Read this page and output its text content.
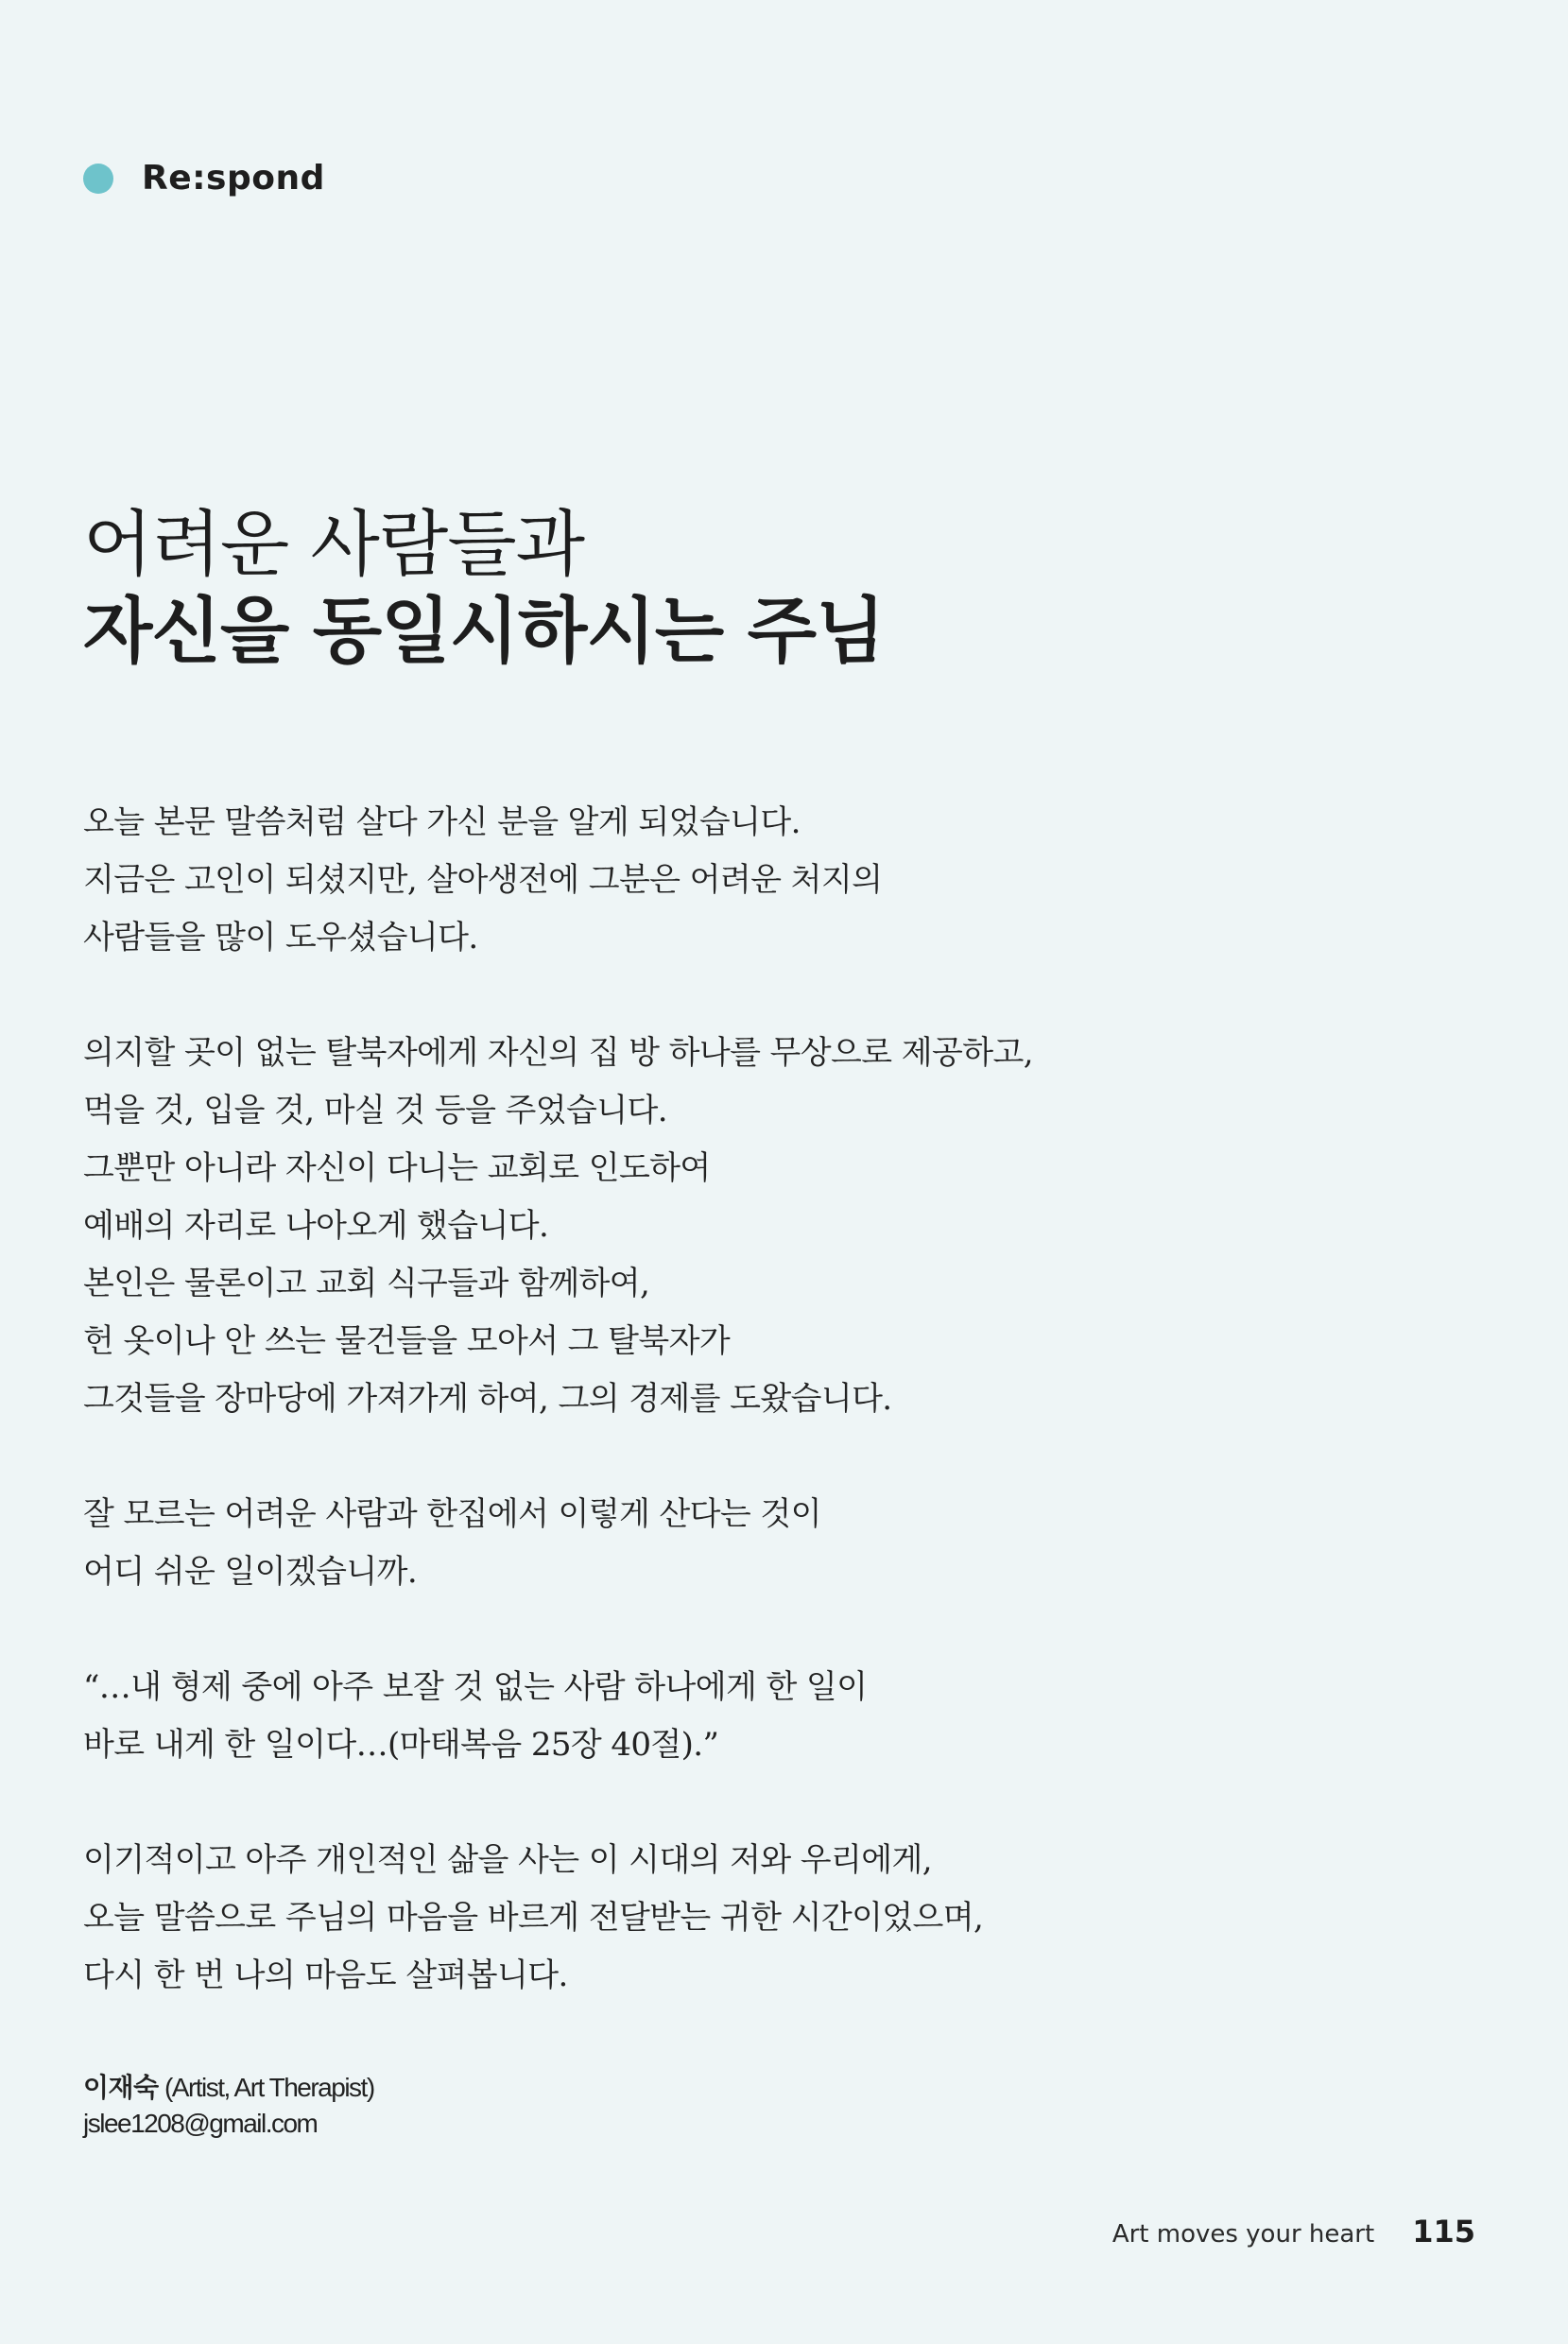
Re:spond
어려운 사람들과
자신을 동일시하시는 주님

오늘 본문 말씀처럼 살다 가신 분을 알게 되었습니다.
지금은 고인이 되셨지만, 살아생전에 그분은 어려운 처지의
사람들을 많이 도우셨습니다.

의지할 곳이 없는 탈북자에게 자신의 집 방 하나를 무상으로 제공하고,
먹을 것, 입을 것, 마실 것 등을 주었습니다.
그뿐만 아니라 자신이 다니는 교회로 인도하여
예배의 자리로 나아오게 했습니다.
본인은 물론이고 교회 식구들과 함께하여,
헌 옷이나 안 쓰는 물건들을 모아서 그 탈북자가
그것들을 장마당에 가져가게 하여, 그의 경제를 도왔습니다.

잘 모르는 어려운 사람과 한집에서 이렇게 산다는 것이
어디 쉬운 일이겠습니까.

“…내 형제 중에 아주 보잘 것 없는 사람 하나에게 한 일이
바로 내게 한 일이다…(마태복음 25장 40절).”

이기적이고 아주 개인적인 삶을 사는 이 시대의 저와 우리에게,
오늘 말씀으로 주님의 마음을 바르게 전달받는 귀한 시간이었으며,
다시 한 번 나의 마음도 살펴봅니다.

이재숙 (Artist, Art Therapist)
jslee1208@gmail.com
Art moves your heart 115
